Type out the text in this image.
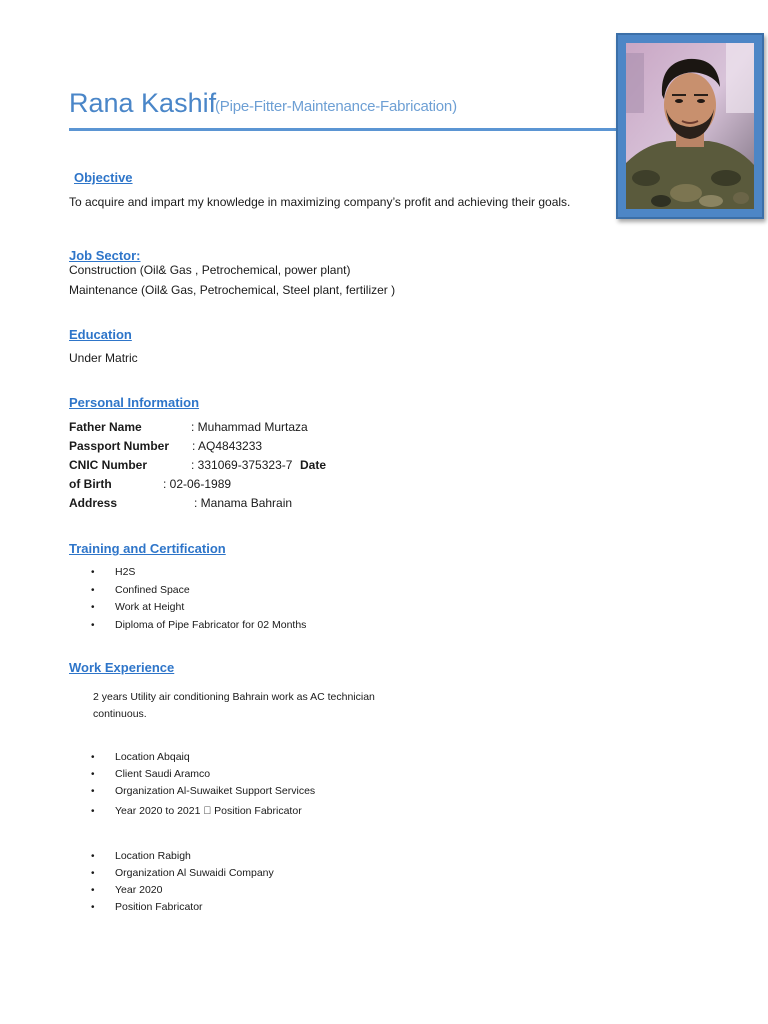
Rana Kashif
(Pipe-Fitter-Maintenance-Fabrication)
Objective
To acquire and impart my knowledge in maximizing company’s profit and achieving their goals.
Job Sector:
Construction (Oil& Gas , Petrochemical, power plant)
Maintenance (Oil& Gas, Petrochemical, Steel plant, fertilizer )
Education
Under Matric
Personal Information
Father Name	: Muhammad Murtaza
Passport Number : AQ4843233
CNIC Number	: 331069-375323-7 Date
of Birth	: 02-06-1989
Address	: Manama Bahrain
Training and Certification
• H2S
• Confined Space
• Work at Height
• Diploma of Pipe Fabricator for 02 Months
Work Experience
2 years Utility air conditioning Bahrain work as AC technician
continuous.
• Location Abqaiq
• Client Saudi Aramco
• Organization Al-Suwaiket Support Services
• Year 2020 to 2021 Position Fabricator
• Location Rabigh
• Organization Al Suwaidi Company
• Year 2020
• Position Fabricator
